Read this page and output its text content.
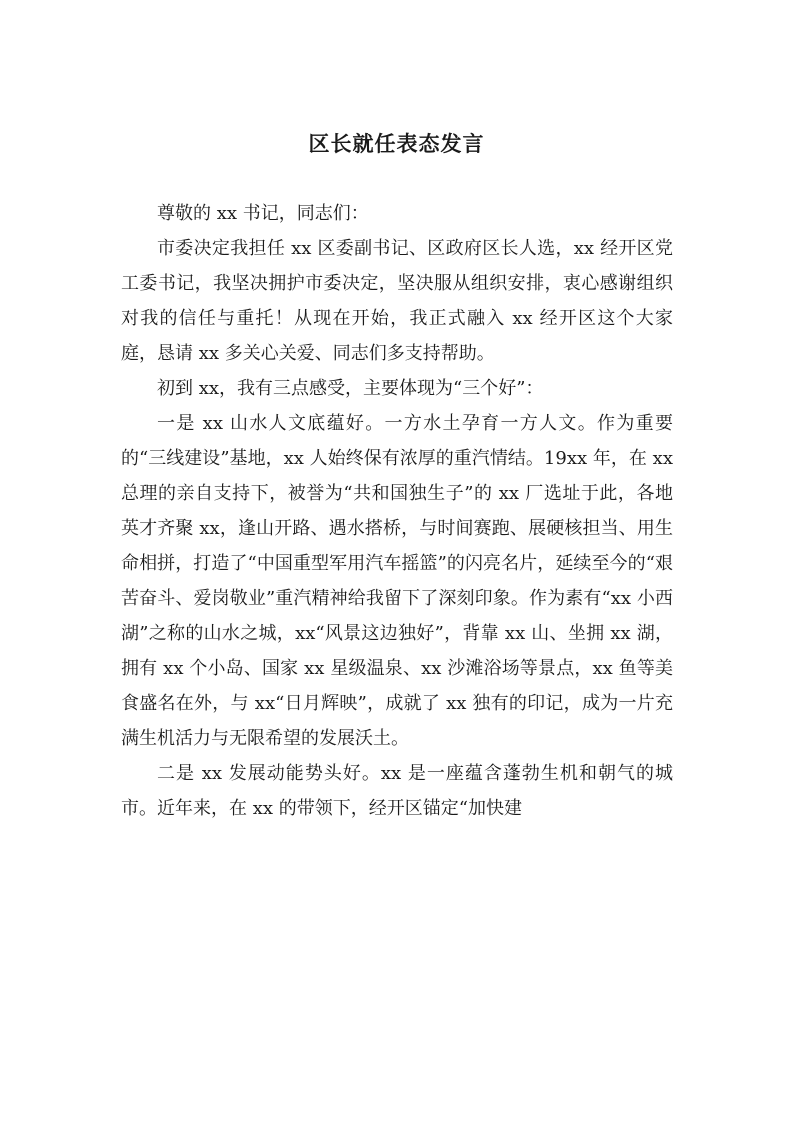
区长就任表态发言

尊敬的 xx 书记，同志们：

市委决定我担任 xx 区委副书记、区政府区长人选，xx 经开区党工委书记，我坚决拥护市委决定，坚决服从组织安排，衷心感谢组织对我的信任与重托！从现在开始，我正式融入 xx 经开区这个大家庭，恳请 xx 多关心关爱、同志们多支持帮助。

初到 xx，我有三点感受，主要体现为“三个好”：

一是 xx 山水人文底蕴好。一方水土孕育一方人文。作为重要的“三线建设”基地，xx 人始终保有浓厚的重汽情结。19xx 年，在 xx 总理的亲自支持下，被誉为“共和国独生子”的 xx 厂选址于此，各地英才齐聚 xx，逢山开路、遇水搭桥，与时间赛跑、展硬核担当、用生命相拼，打造了“中国重型军用汽车摇篮”的闪亮名片，延续至今的“艰苦奋斗、爱岗敬业”重汽精神给我留下了深刻印象。作为素有“xx 小西湖”之称的山水之城，xx“风景这边独好”，背靠 xx 山、坐拥 xx 湖，拥有 xx 个小岛、国家 xx 星级温泉、xx 沙滩浴场等景点，xx 鱼等美食盛名在外，与 xx“日月辉映”，成就了 xx 独有的印记，成为一片充满生机活力与无限希望的发展沃土。

二是 xx 发展动能势头好。xx 是一座蕴含蓬勃生机和朝气的城市。近年来，在 xx 的带领下，经开区锚定“加快建
